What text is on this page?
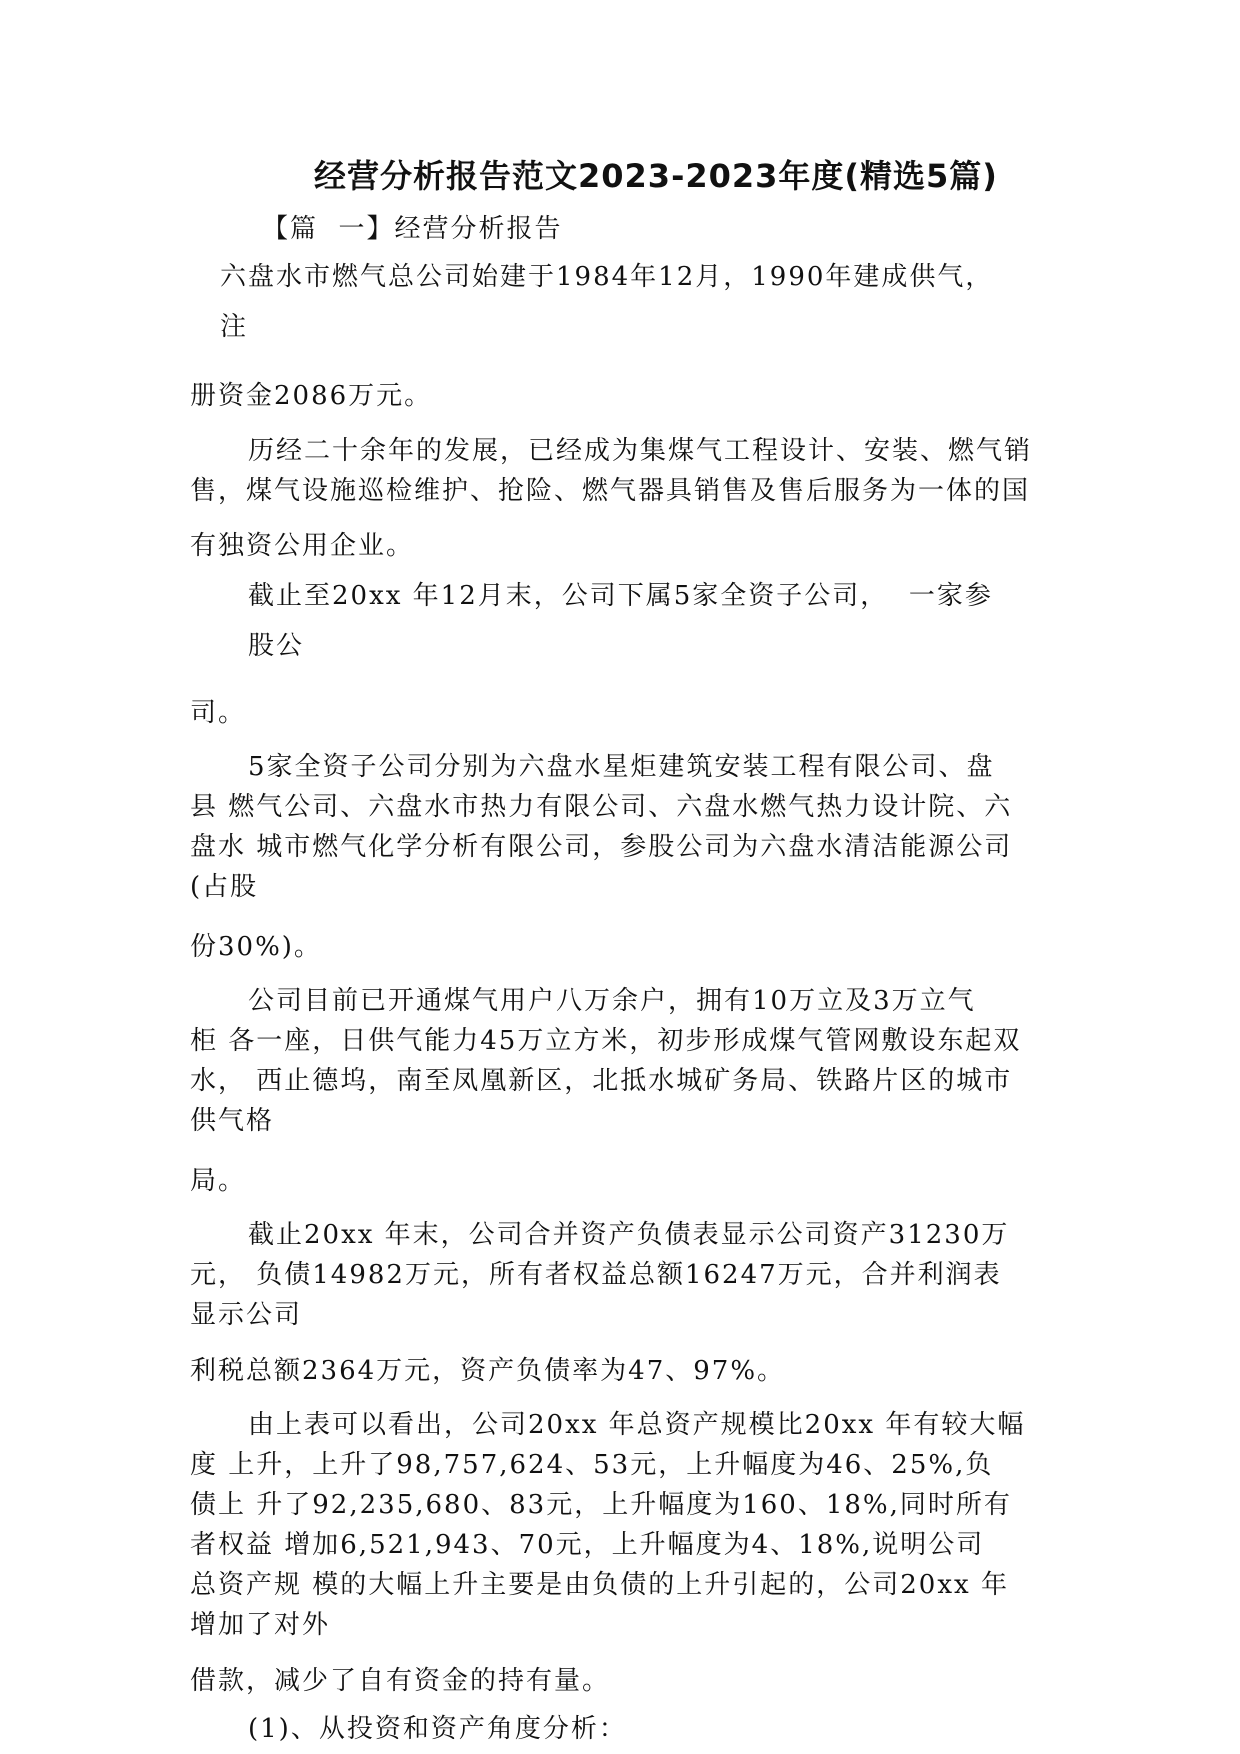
经营分析报告范文2023-2023年度(精选5篇)
【篇  一】经营分析报告
六盘水市燃气总公司始建于1984年12月，1990年建成供气，
注
册资金2086万元。
历经二十余年的发展，已经成为集煤气工程设计、安装、燃气销
售，煤气设施巡检维护、抢险、燃气器具销售及售后服务为一体的国
有独资公用企业。
截止至20xx 年12月末，公司下属5家全资子公司，  一家参
股公
司。
5家全资子公司分别为六盘水星炬建筑安装工程有限公司、盘
县 燃气公司、六盘水市热力有限公司、六盘水燃气热力设计院、六
盘水 城市燃气化学分析有限公司，参股公司为六盘水清洁能源公司
(占股
份30%)。
公司目前已开通煤气用户八万余户，拥有10万立及3万立气
柜 各一座，日供气能力45万立方米，初步形成煤气管网敷设东起双
水， 西止德坞，南至凤凰新区，北抵水城矿务局、铁路片区的城市
供气格
局。
截止20xx 年末，公司合并资产负债表显示公司资产31230万
元， 负债14982万元，所有者权益总额16247万元，合并利润表
显示公司
利税总额2364万元，资产负债率为47、97%。
由上表可以看出，公司20xx 年总资产规模比20xx 年有较大幅
度 上升，上升了98,757,624、53元，上升幅度为46、25%,负
债上 升了92,235,680、83元，上升幅度为160、18%,同时所有
者权益 增加6,521,943、70元，上升幅度为4、18%,说明公司
总资产规 模的大幅上升主要是由负债的上升引起的，公司20xx 年
增加了对外
借款，减少了自有资金的持有量。
(1)、从投资和资产角度分析：
